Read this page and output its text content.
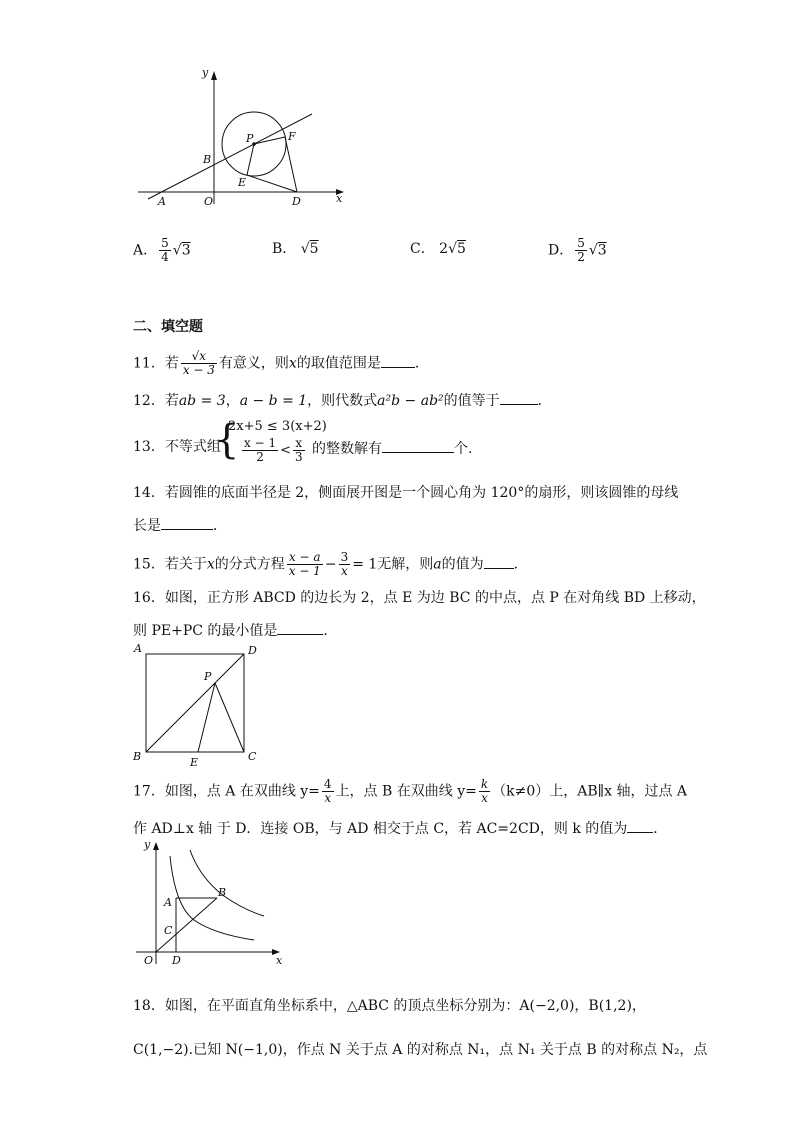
y
x
P	F
B
E
A	O	D
A． $\frac{5}{4} √3$	B． √5	C． 2√5	D． $\frac{5}{2} √3$
二、填空题
11．若 $\frac{√x}{x - 3}$ 有意义，则x的取值范围是 ．
12．若ab = 3，a − b = 1，则代数式a²b − ab²的值等于	．
13．不等式组
{
2x+5 ≤ 3(x+2)
$\frac{x - 1}{2} < \frac{x}{3}$ 的整数解有	个.
14．若圆锥的底面半径是 2，侧面展开图是一个圆心角为 120°的扇形，则该圆锥的母线
长是	．
15．若关于x的分式方程 $\frac{x - a}{x - 1} - \frac{3}{x} = 1$无解，则a的值为 ．
16．如图，正方形 ABCD 的边长为 2，点 E 为边 BC 的中点，点 P 在对角线 BD 上移动，
则 PE+PC 的最小值是	．
A	D
P
B	E	C
17．如图，点 A 在双曲线 $y= \frac{4}{x}$ 上，点 B 在双曲线 $y= \frac{k}{x} (k\ne 0)$上，AB∥x 轴，过点 A
作 AD⊥x 轴 于 D．连接 OB，与 AD 相交于点 C，若 AC=2CD，则 k 的值为 ．
y
x
A
B
C
O D
18．如图，在平面直角坐标系中，△ABC 的顶点坐标分别为：A(−2,0)，B(1,2)，
C(1,−2).已知 N(−1,0)，作点 N 关于点 A 的对称点 N₁，点 N₁ 关于点 B 的对称点 N₂，点
